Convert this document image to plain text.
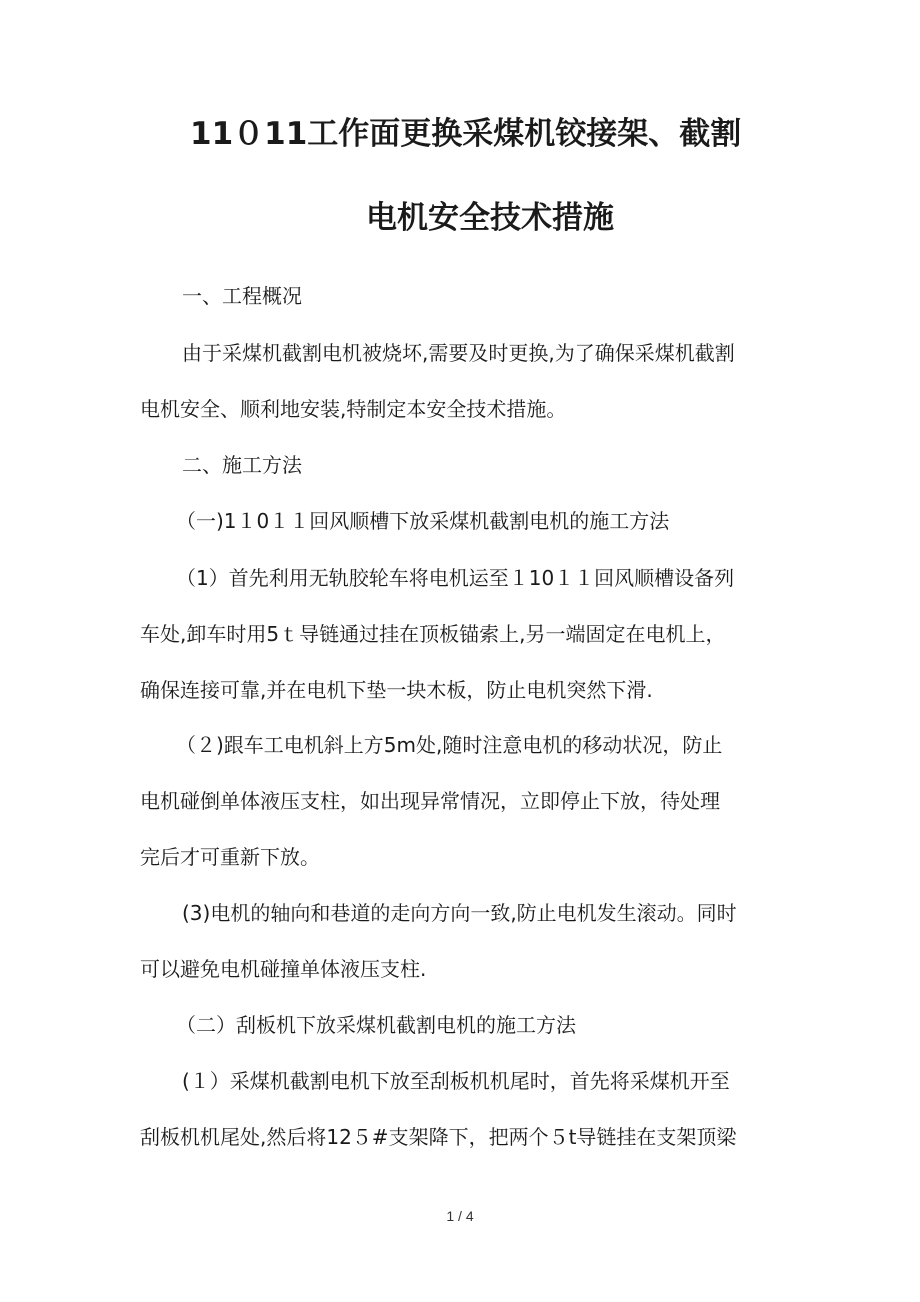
11０11工作面更换采煤机铰接架、截割
电机安全技术措施

一、工程概况

由于采煤机截割电机被烧坏,需要及时更换,为了确保采煤机截割

电机安全、顺利地安装,特制定本安全技术措施。

二、施工方法

（一)1１0１１回风顺槽下放采煤机截割电机的施工方法

（1）首先利用无轨胶轮车将电机运至１10１１回风顺槽设备列

车处,卸车时用5ｔ导链通过挂在顶板锚索上,另一端固定在电机上，

确保连接可靠,并在电机下垫一块木板，防止电机突然下滑.

（２)跟车工电机斜上方5m处,随时注意电机的移动状况，防止

电机碰倒单体液压支柱，如出现异常情况，立即停止下放，待处理

完后才可重新下放。

(3)电机的轴向和巷道的走向方向一致,防止电机发生滚动。同时

可以避免电机碰撞单体液压支柱.

（二）刮板机下放采煤机截割电机的施工方法

(１）采煤机截割电机下放至刮板机机尾时，首先将采煤机开至

刮板机机尾处,然后将12５#支架降下，把两个５t导链挂在支架顶梁

1 / 4
